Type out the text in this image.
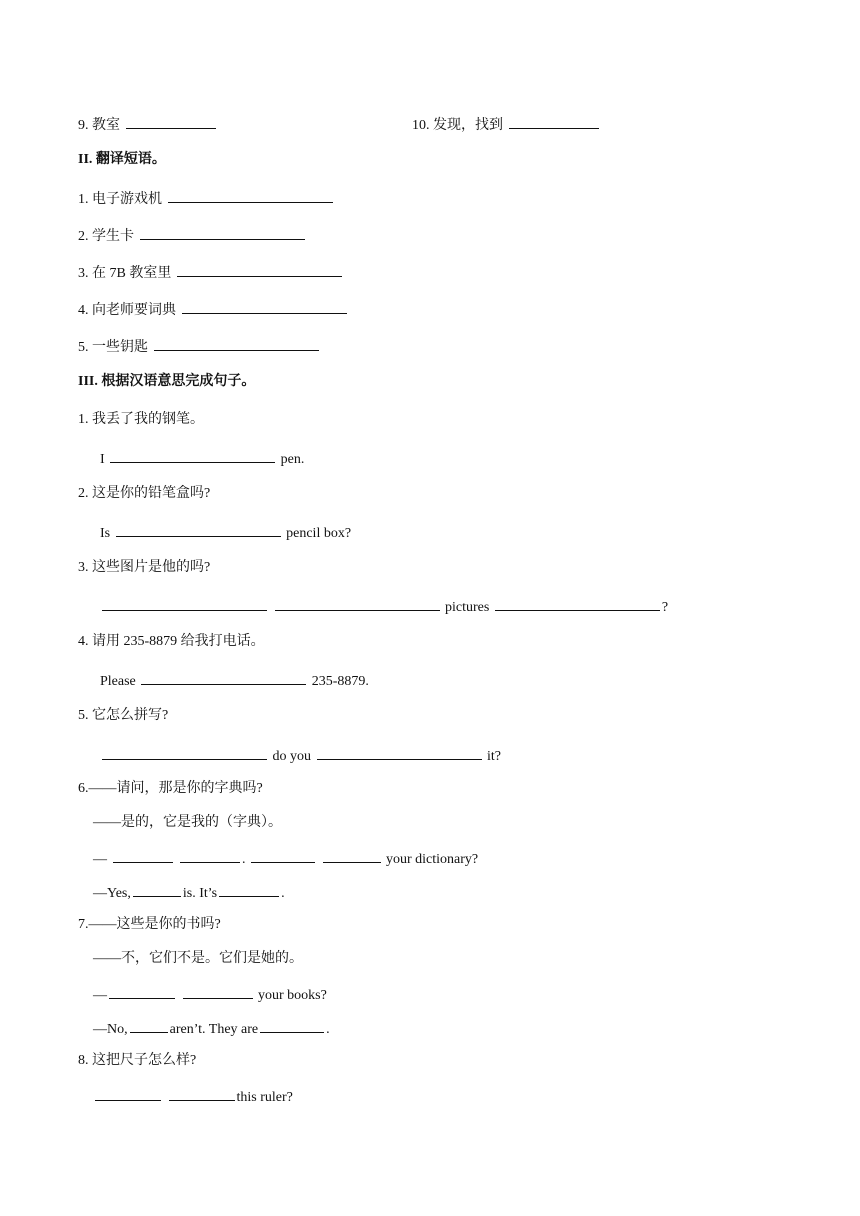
9. 教室	10. 发现，找到
II. 翻译短语。
1. 电子游戏机
2. 学生卡
3. 在 7B 教室里
4. 向老师要词典
5. 一些钥匙
III. 根据汉语意思完成句子。
1. 我丢了我的钢笔。
I	pen.
2. 这是你的铅笔盒吗?
Is	pencil box?
3. 这些图片是他的吗?
pictures	?
4. 请用 235-8879 给我打电话。
Please	235-8879.
5. 它怎么拼写?
do you	it?
6.——请问，那是你的字典吗?
——是的，它是我的（字典）。
—	.	your dictionary?
—Yes,	is. It’s	.
7.——这些是你的书吗?
——不，它们不是。它们是她的。
—	your books?
—No,	aren’t. They are	.
8. 这把尺子怎么样?
this ruler?
